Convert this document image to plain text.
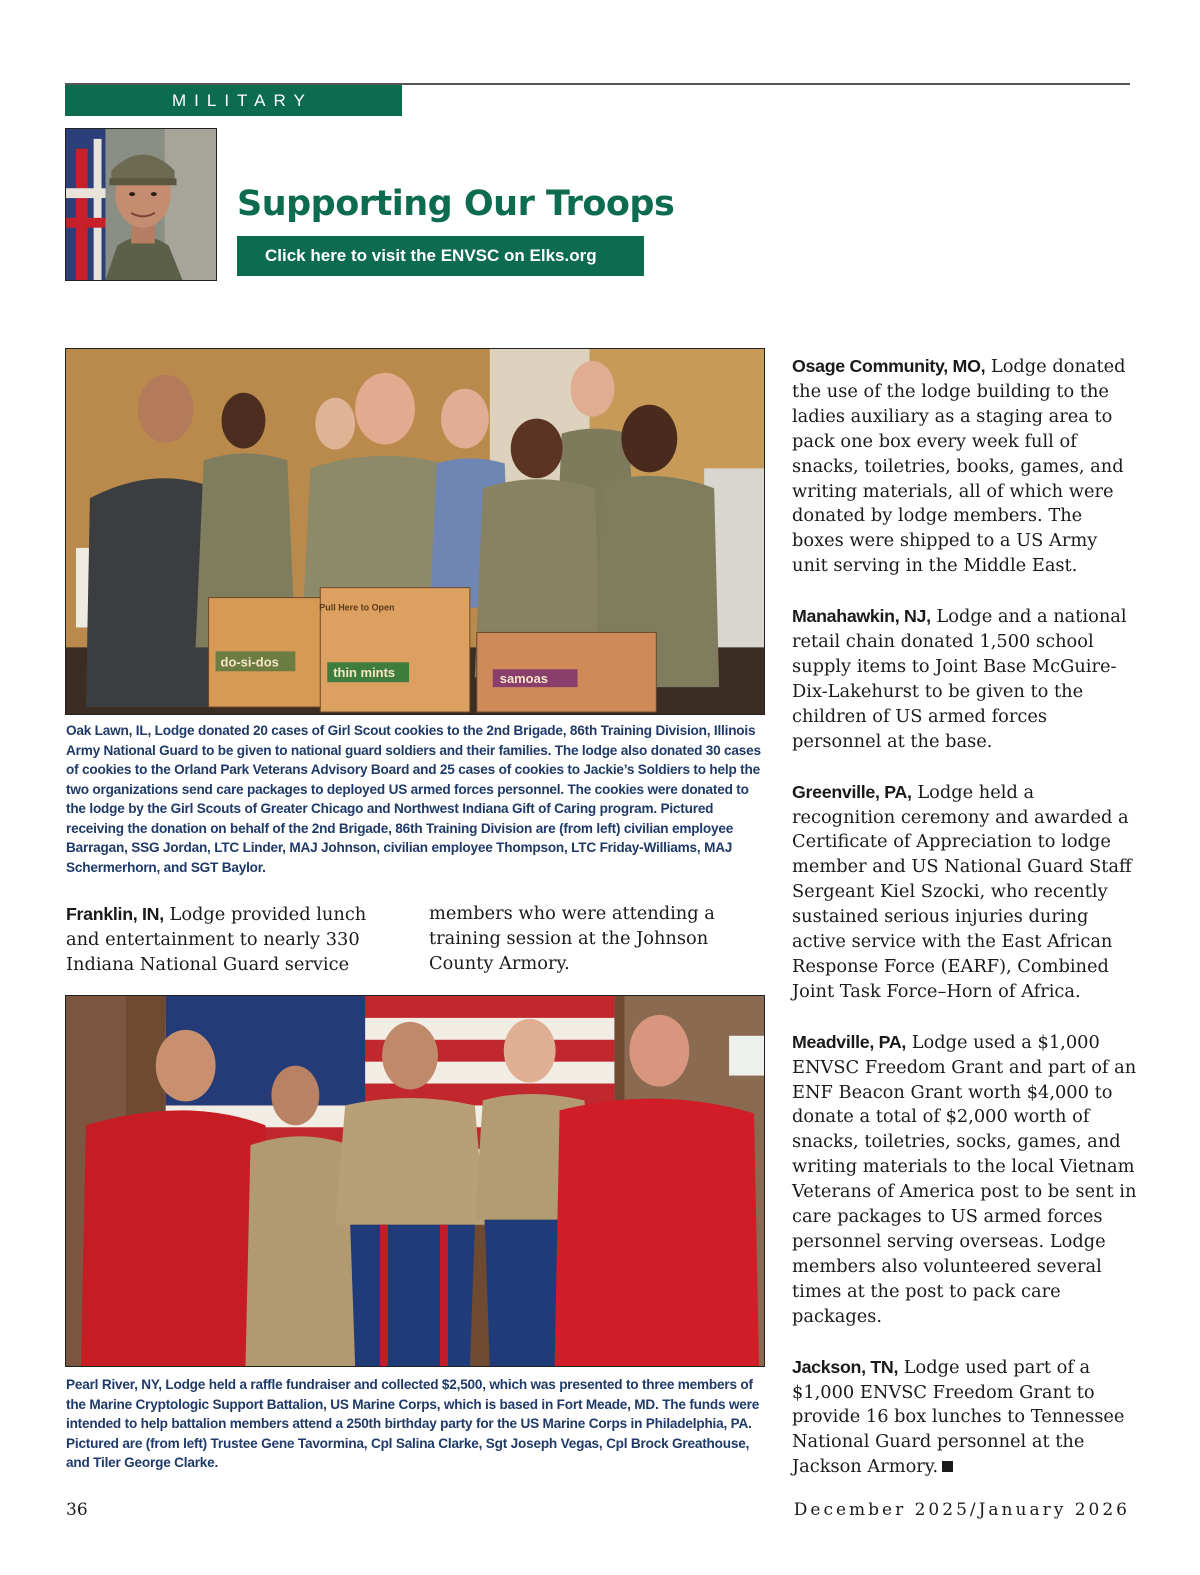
MILITARY
Supporting Our Troops
Click here to visit the ENVSC on Elks.org
Pull Here to Open
do-si-dos
thin mints	samoas
Oak Lawn, IL, Lodge donated 20 cases of Girl Scout cookies to the 2nd Brigade, 86th Training Division, Illinois Army National Guard to be given to national guard soldiers and their families. The lodge also donated 30 cases of cookies to the Orland Park Veterans Advisory Board and 25 cases of cookies to Jackie’s Soldiers to help the two organizations send care packages to deployed US armed forces personnel. The cookies were donated to the lodge by the Girl Scouts of Greater Chicago and Northwest Indiana Gift of Caring program. Pictured receiving the donation on behalf of the 2nd Brigade, 86th Training Division are (from left) civilian employee Barragan, SSG Jordan, LTC Linder, MAJ Johnson, civilian employee Thompson, LTC Friday-Williams, MAJ Schermerhorn, and SGT Baylor.
Franklin, IN, Lodge provided lunch and entertainment to nearly 330 Indiana National Guard service
members who were attending a training session at the Johnson County Armory.
Pearl River, NY, Lodge held a raffle fundraiser and collected $2,500, which was presented to three members of the Marine Cryptologic Support Battalion, US Marine Corps, which is based in Fort Meade, MD. The funds were intended to help battalion members attend a 250th birthday party for the US Marine Corps in Philadelphia, PA. Pictured are (from left) Trustee Gene Tavormina, Cpl Salina Clarke, Sgt Joseph Vegas, Cpl Brock Greathouse, and Tiler George Clarke.

Osage Community, MO, Lodge donated the use of the lodge building to the ladies auxiliary as a staging area to pack one box every week full of snacks, toiletries, books, games, and writing materials, all of which were donated by lodge members. The boxes were shipped to a US Army unit serving in the Middle East.

Manahawkin, NJ, Lodge and a national retail chain donated 1,500 school supply items to Joint Base McGuire-Dix-Lakehurst to be given to the children of US armed forces personnel at the base.

Greenville, PA, Lodge held a recognition ceremony and awarded a Certificate of Appreciation to lodge member and US National Guard Staff Sergeant Kiel Szocki, who recently sustained serious injuries during active service with the East African Response Force (EARF), Combined Joint Task Force–Horn of Africa.

Meadville, PA, Lodge used a $1,000 ENVSC Freedom Grant and part of an ENF Beacon Grant worth $4,000 to donate a total of $2,000 worth of snacks, toiletries, socks, games, and writing materials to the local Vietnam Veterans of America post to be sent in care packages to US armed forces personnel serving overseas. Lodge members also volunteered several times at the post to pack care packages.

Jackson, TN, Lodge used part of a $1,000 ENVSC Freedom Grant to provide 16 box lunches to Tennessee National Guard personnel at the Jackson Armory.

36	December 2025/January 2026
